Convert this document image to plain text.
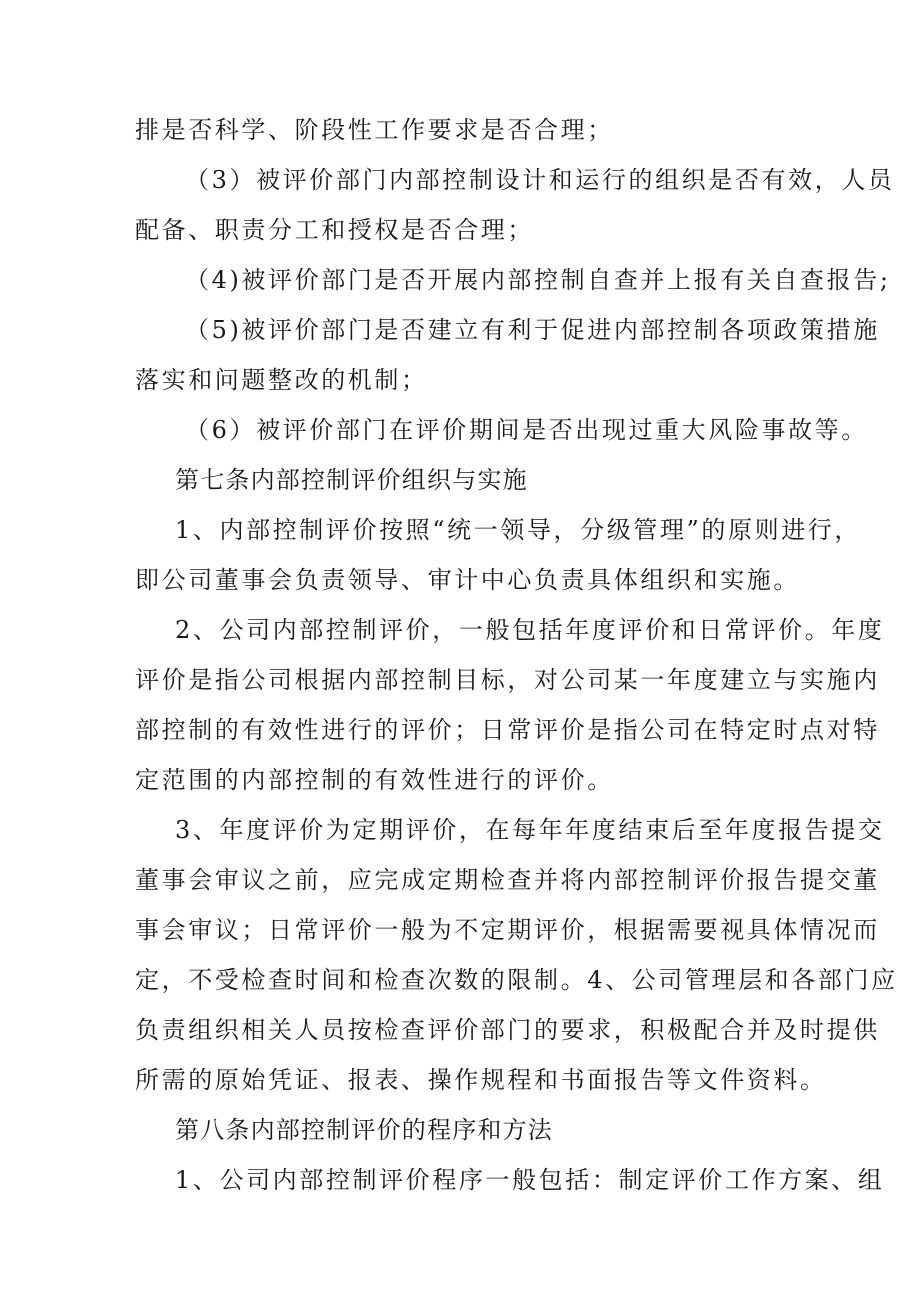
排是否科学、阶段性工作要求是否合理；
（3）被评价部门内部控制设计和运行的组织是否有效，人员
配备、职责分工和授权是否合理；
（4)被评价部门是否开展内部控制自查并上报有关自查报告;
（5)被评价部门是否建立有利于促进内部控制各项政策措施
落实和问题整改的机制；
（6）被评价部门在评价期间是否出现过重大风险事故等。
第七条内部控制评价组织与实施
1、内部控制评价按照“统一领导，分级管理”的原则进行，
即公司董事会负责领导、审计中心负责具体组织和实施。
2、公司内部控制评价，一般包括年度评价和日常评价。年度
评价是指公司根据内部控制目标，对公司某一年度建立与实施内
部控制的有效性进行的评价；日常评价是指公司在特定时点对特
定范围的内部控制的有效性进行的评价。
3、年度评价为定期评价，在每年年度结束后至年度报告提交
董事会审议之前，应完成定期检查并将内部控制评价报告提交董
事会审议；日常评价一般为不定期评价，根据需要视具体情况而
定，不受检查时间和检查次数的限制。4、公司管理层和各部门应
负责组织相关人员按检查评价部门的要求，积极配合并及时提供
所需的原始凭证、报表、操作规程和书面报告等文件资料。
第八条内部控制评价的程序和方法
1、公司内部控制评价程序一般包括：制定评价工作方案、组
